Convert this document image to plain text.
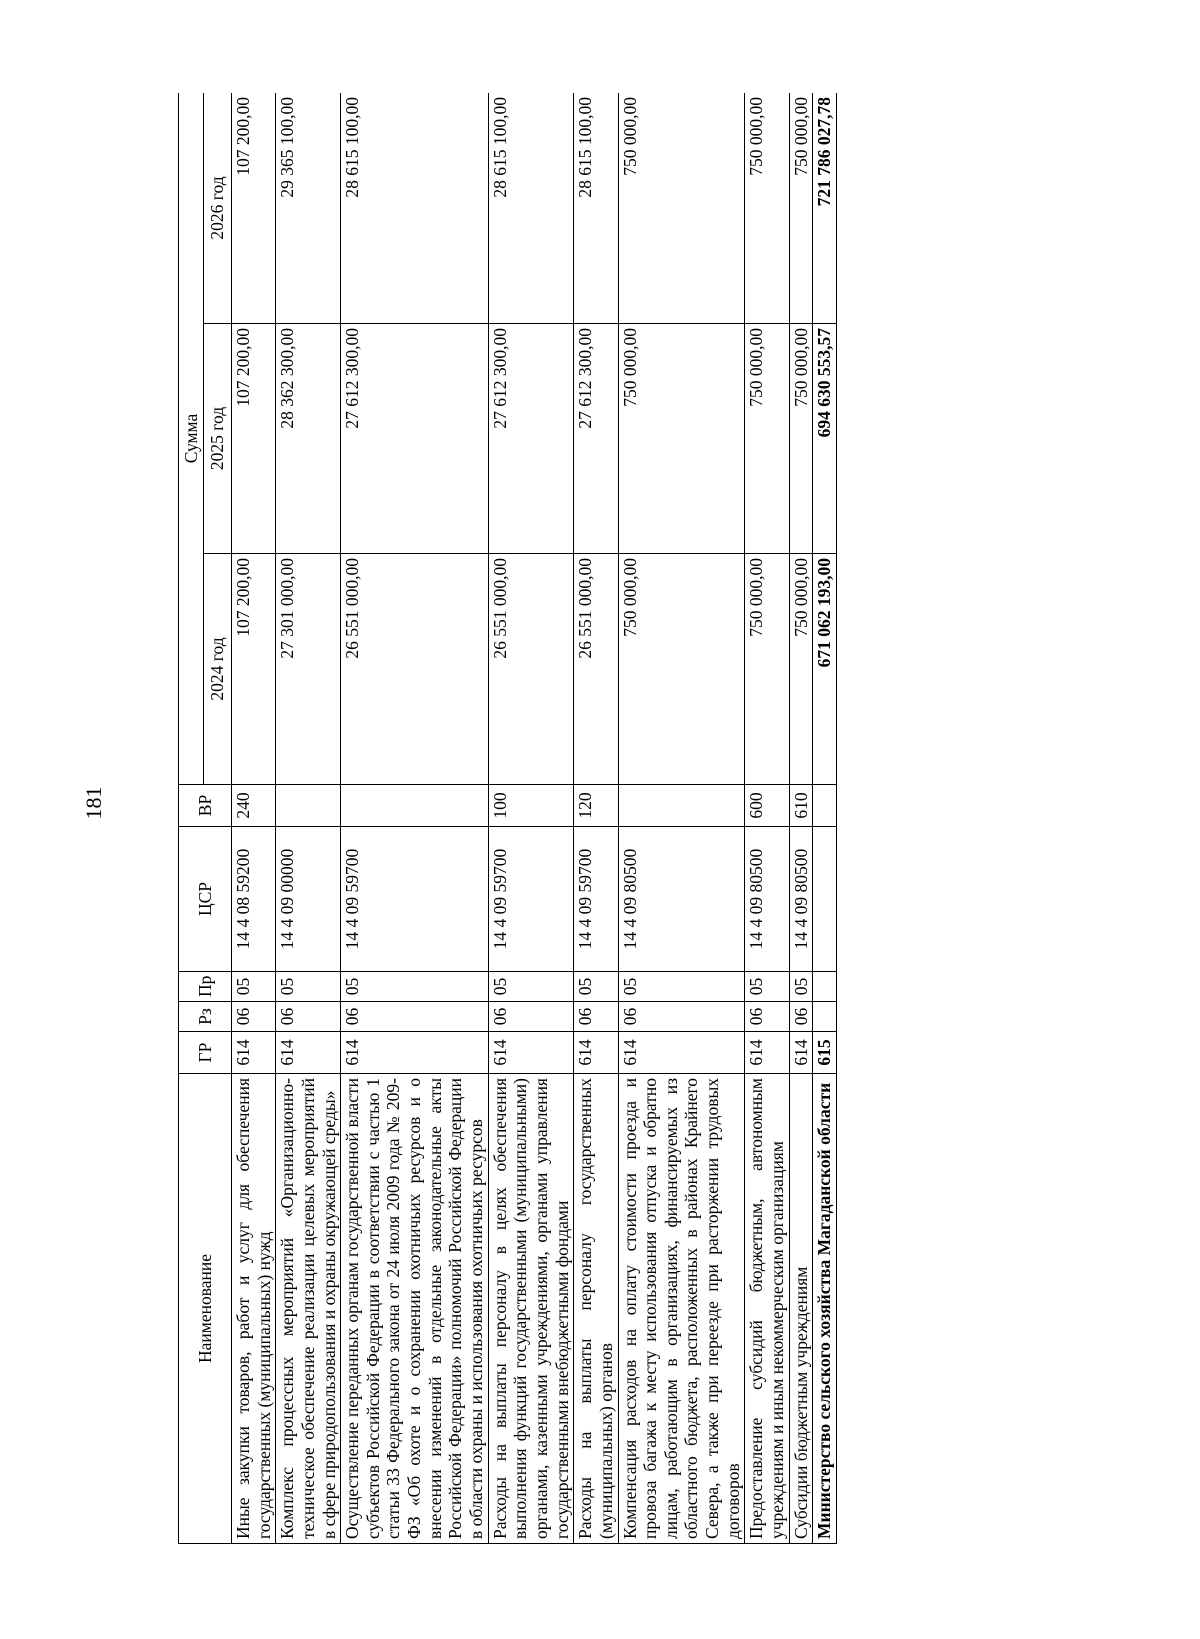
181
Наименование	ГР	Рз	Пр	ЦСР	ВР	Сумма		
						2024 год	2025 год	2026 год
Иные закупки товаров, работ и услуг для обеспечения государственных (муниципальных) нужд	614	06	05	14 4 08 59200	240	107 200,00	107 200,00	107 200,00
Комплекс процессных мероприятий «Организационно-техническое обеспечение реализации целевых мероприятий в сфере природопользования и охраны окружающей среды»	614	06	05	14 4 09 00000		27 301 000,00	28 362 300,00	29 365 100,00
Осуществление переданных органам государственной власти субъектов Российской Федерации в соответствии с частью 1 статьи 33 Федерального закона от 24 июля 2009 года № 209-ФЗ «Об охоте и о сохранении охотничьих ресурсов и о внесении изменений в отдельные законодательные акты Российской Федерации» полномочий Российской Федерации в области охраны и использования охотничьих ресурсов	614	06	05	14 4 09 59700		26 551 000,00	27 612 300,00	28 615 100,00
Расходы на выплаты персоналу в целях обеспечения выполнения функций государственными (муниципальными) органами, казенными учреждениями, органами управления государственными внебюджетными фондами	614	06	05	14 4 09 59700	100	26 551 000,00	27 612 300,00	28 615 100,00
Расходы на выплаты персоналу государственных (муниципальных) органов	614	06	05	14 4 09 59700	120	26 551 000,00	27 612 300,00	28 615 100,00
Компенсация расходов на оплату стоимости проезда и провоза багажа к месту использования отпуска и обратно лицам, работающим в организациях, финансируемых из областного бюджета, расположенных в районах Крайнего Севера, а также при переезде при расторжении трудовых договоров	614	06	05	14 4 09 80500		750 000,00	750 000,00	750 000,00
Предоставление субсидий бюджетным, автономным учреждениям и иным некоммерческим организациям	614	06	05	14 4 09 80500	600	750 000,00	750 000,00	750 000,00
Субсидии бюджетным учреждениям	614	06	05	14 4 09 80500	610	750 000,00	750 000,00	750 000,00
Министерство сельского хозяйства Магаданской области	615					671 062 193,00	694 630 553,57	721 786 027,78
